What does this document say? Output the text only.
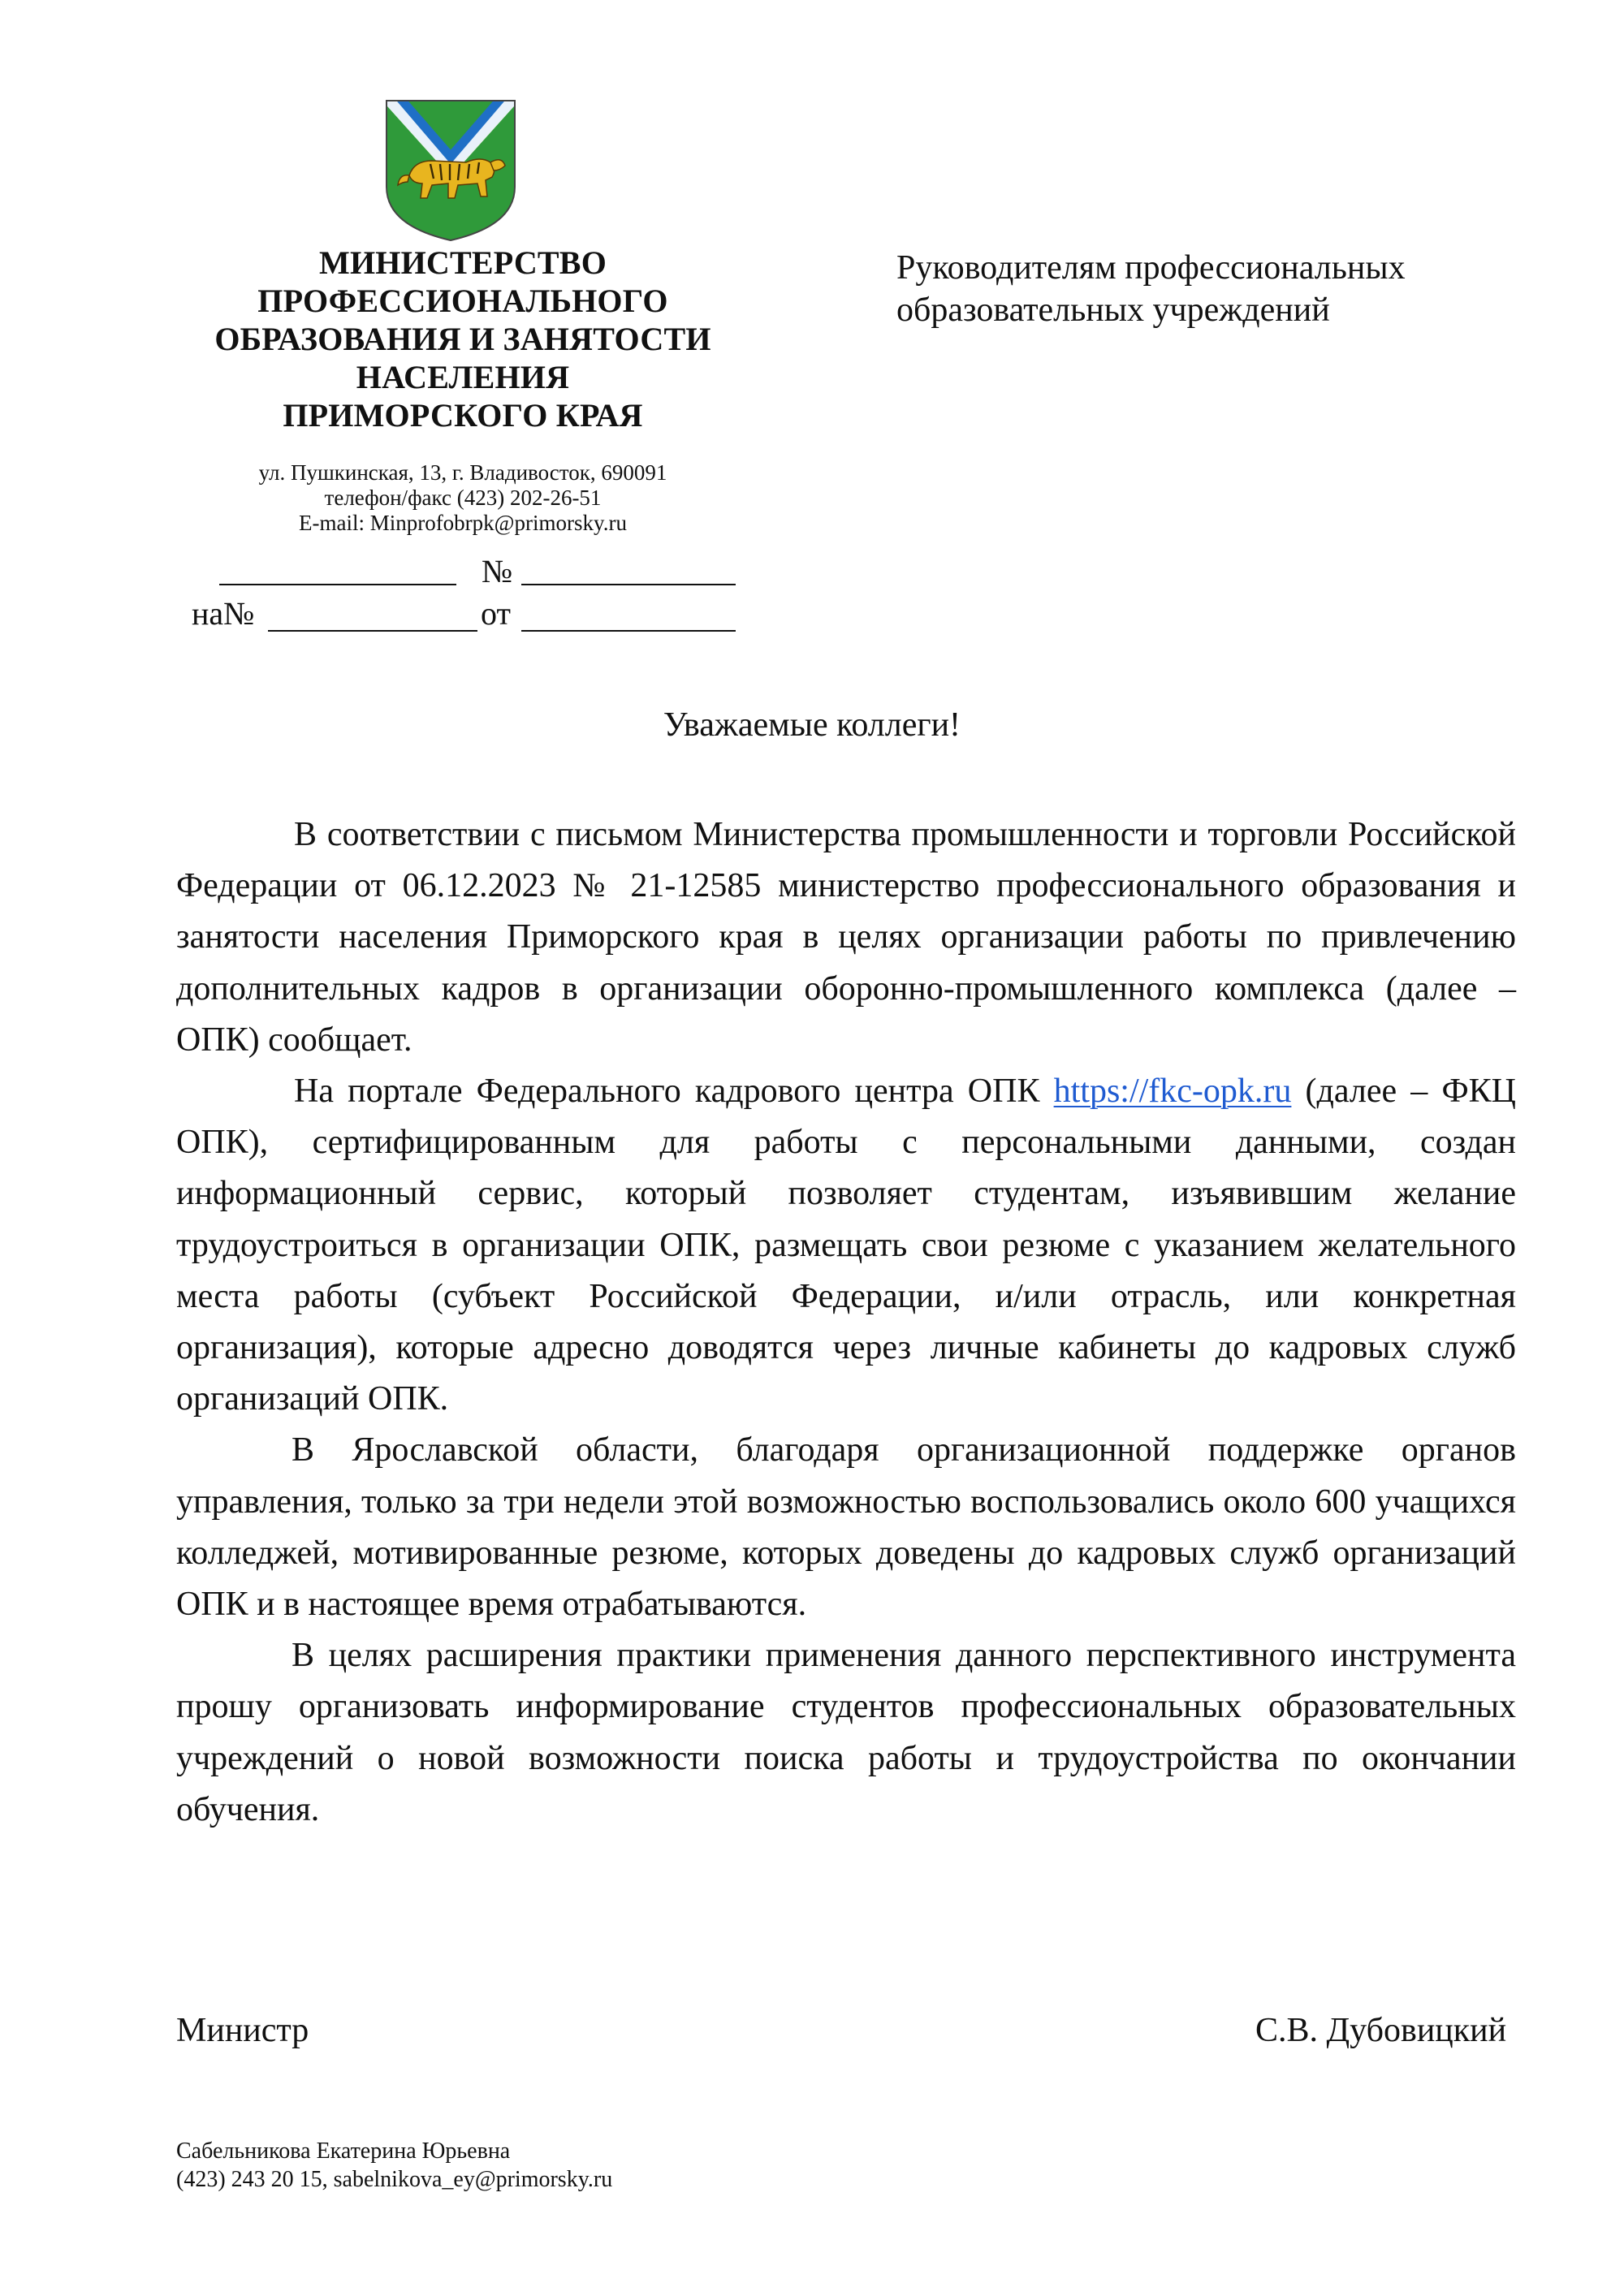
МИНИСТЕРСТВО
ПРОФЕССИОНАЛЬНОГО
ОБРАЗОВАНИЯ И ЗАНЯТОСТИ
НАСЕЛЕНИЯ
ПРИМОРСКОГО КРАЯ
ул. Пушкинская, 13, г. Владивосток, 690091
телефон/факс (423) 202-26-51
E-mail: Minprofobrpk@primorsky.ru
№
на№	от
Руководителям профессиональных
образовательных учреждений
Уважаемые коллеги!

В соответствии с письмом Министерства промышленности и торговли Российской Федерации от 06.12.2023 № 21-12585 министерство профессионального образования и занятости населения Приморского края в целях организации работы по привлечению дополнительных кадров в организации оборонно-промышленного комплекса (далее – ОПК) сообщает.

На портале Федерального кадрового центра ОПК https://fkc-opk.ru (далее – ФКЦ ОПК), сертифицированным для работы с персональными данными, создан информационный сервис, который позволяет студентам, изъявившим желание трудоустроиться в организации ОПК, размещать свои резюме с указанием желательного места работы (субъект Российской Федерации, и/или отрасль, или конкретная организация), которые адресно доводятся через личные кабинеты до кадровых служб организаций ОПК.

В Ярославской области, благодаря организационной поддержке органов управления, только за три недели этой возможностью воспользовались около 600 учащихся колледжей, мотивированные резюме, которых доведены до кадровых служб организаций ОПК и в настоящее время отрабатываются.

В целях расширения практики применения данного перспективного инструмента прошу организовать информирование студентов профессиональных образовательных учреждений о новой возможности поиска работы и трудоустройства по окончании обучения.

Министр	С.В. Дубовицкий
Сабельникова Екатерина Юрьевна
(423) 243 20 15, sabelnikova_ey@primorsky.ru
